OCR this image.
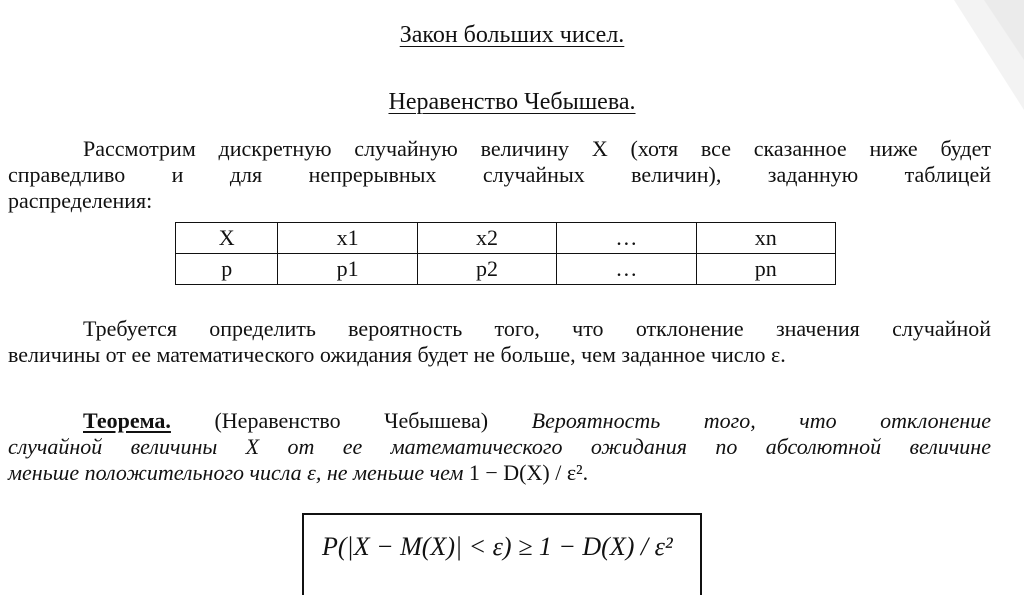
Закон больших чисел.
Неравенство Чебышева.
Рассмотрим дискретную случайную величину X (хотя все сказанное ниже будет
справедливо и для непрерывных случайных величин), заданную таблицей
распределения:
X	x1	x2	…	xn
p	p1	p2	…	pn
Требуется определить вероятность того, что отклонение значения случайной
величины от ее математического ожидания будет не больше, чем заданное число ε.
Теорема. (Неравенство Чебышева) Вероятность того, что отклонение
случайной величины X от ее математического ожидания по абсолютной величине
меньше положительного числа ε, не меньше чем 1 − D(X) / ε².
P(|X − M(X)| < ε) ≥ 1 − D(X) / ε²
